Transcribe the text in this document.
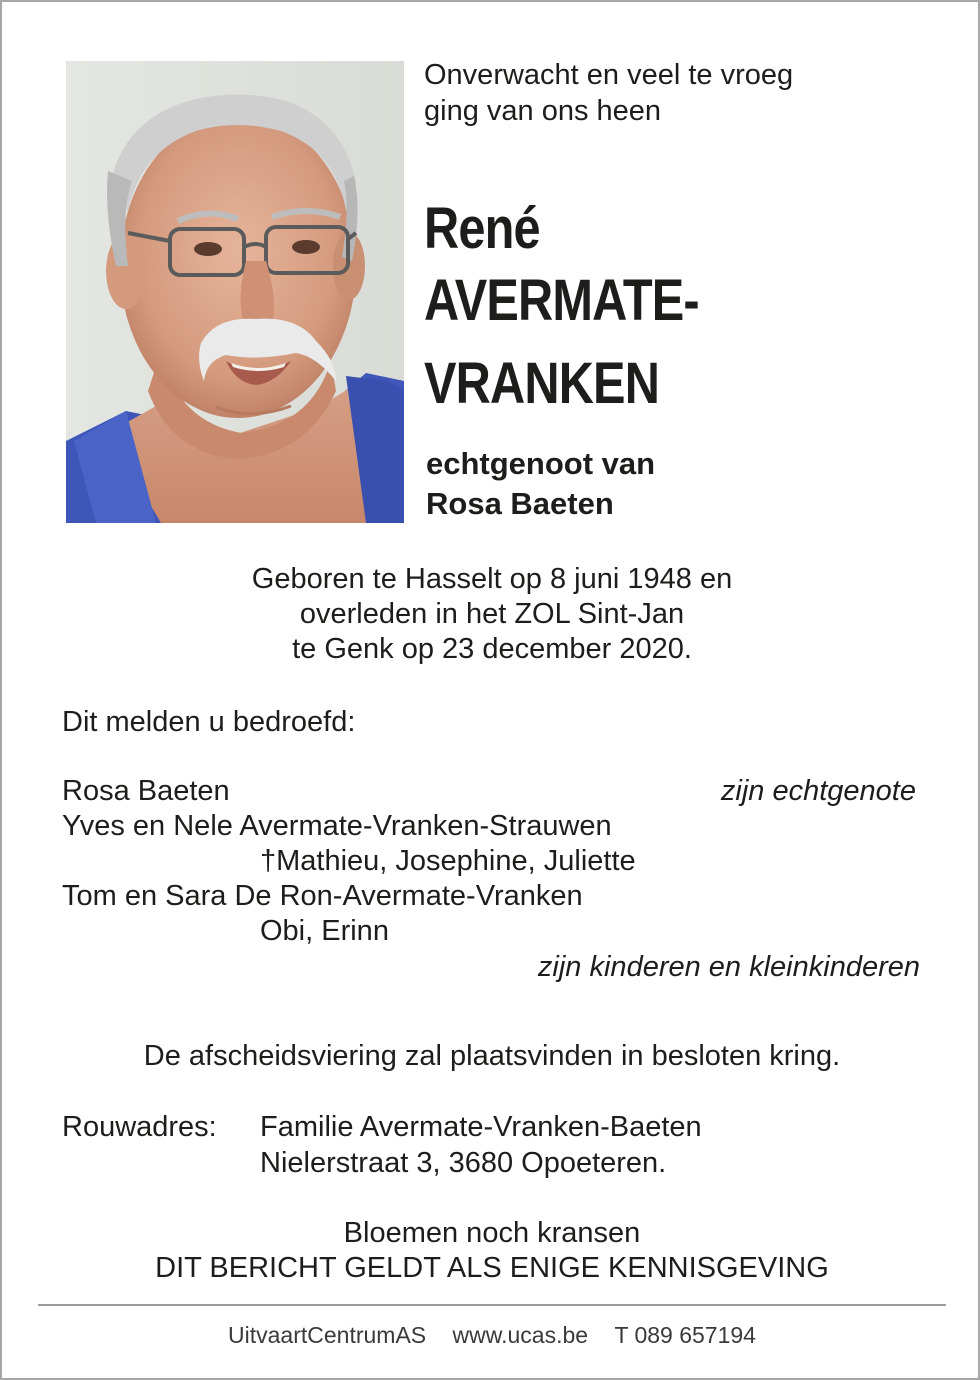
Onverwacht en veel te vroeg
ging van ons heen
René
AVERMATE-
VRANKEN
echtgenoot van
Rosa Baeten
Geboren te Hasselt op 8 juni 1948 en
overleden in het ZOL Sint-Jan
te Genk op 23 december 2020.
Dit melden u bedroefd:
Rosa Baeten	zijn echtgenote
Yves en Nele Avermate-Vranken-Strauwen
†Mathieu, Josephine, Juliette
Tom en Sara De Ron-Avermate-Vranken
Obi, Erinn
zijn kinderen en kleinkinderen
De afscheidsviering zal plaatsvinden in besloten kring.
Rouwadres: Familie Avermate-Vranken-Baeten
Nielerstraat 3, 3680 Opoeteren.
Bloemen noch kransen
DIT BERICHT GELDT ALS ENIGE KENNISGEVING
UitvaartCentrumAS www.ucas.be T 089 657194
